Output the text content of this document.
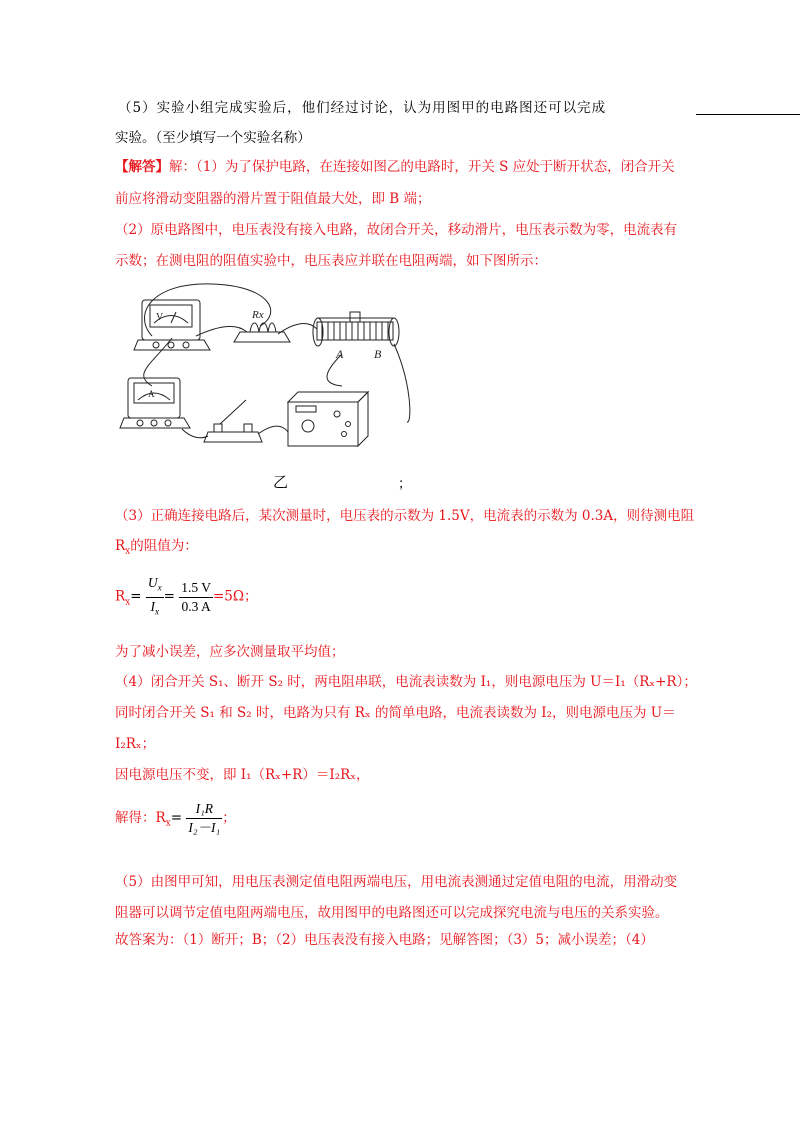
（5）实验小组完成实验后，他们经过讨论，认为用图甲的电路图还可以完成
实验。（至少填写一个实验名称）
【解答】解：（1）为了保护电路，在连接如图乙的电路时，开关 S 应处于断开状态，闭合开关
前应将滑动变阻器的滑片置于阻值最大处，即 B 端；
（2）原电路图中，电压表没有接入电路，故闭合开关，移动滑片，电压表示数为零，电流表有
示数；在测电阻的阻值实验中，电压表应并联在电阻两端，如下图所示：
V
A
Rx
A	B
乙	；
（3）正确连接电路后，某次测量时，电压表的示数为 1.5V，电流表的示数为 0.3A，则待测电阻
$R_x$的阻值为：
$R_x= \frac{U_x}{I_x} = \frac{1.5 V}{0.3 A} =5\Omega$；
为了减小误差，应多次测量取平均值；
（4）闭合开关 S₁、断开 S₂ 时，两电阻串联，电流表读数为 I₁，则电源电压为 U＝I₁（Rₓ+R）；
同时闭合开关 S₁ 和 S₂ 时，电路为只有 Rₓ 的简单电路，电流表读数为 I₂，则电源电压为 U＝
I₂Rₓ；
因电源电压不变，即 I₁（Rₓ+R）＝I₂Rₓ，
解得：$R_x= \frac{\text{I₁R}}{\text{I₂－I₁}}$ ；
（5）由图甲可知，用电压表测定值电阻两端电压，用电流表测通过定值电阻的电流，用滑动变
阻器可以调节定值电阻两端电压，故用图甲的电路图还可以完成探究电流与电压的关系实验。
故答案为：（1）断开；B；（2）电压表没有接入电路；见解答图；（3）5；减小误差；（4）
